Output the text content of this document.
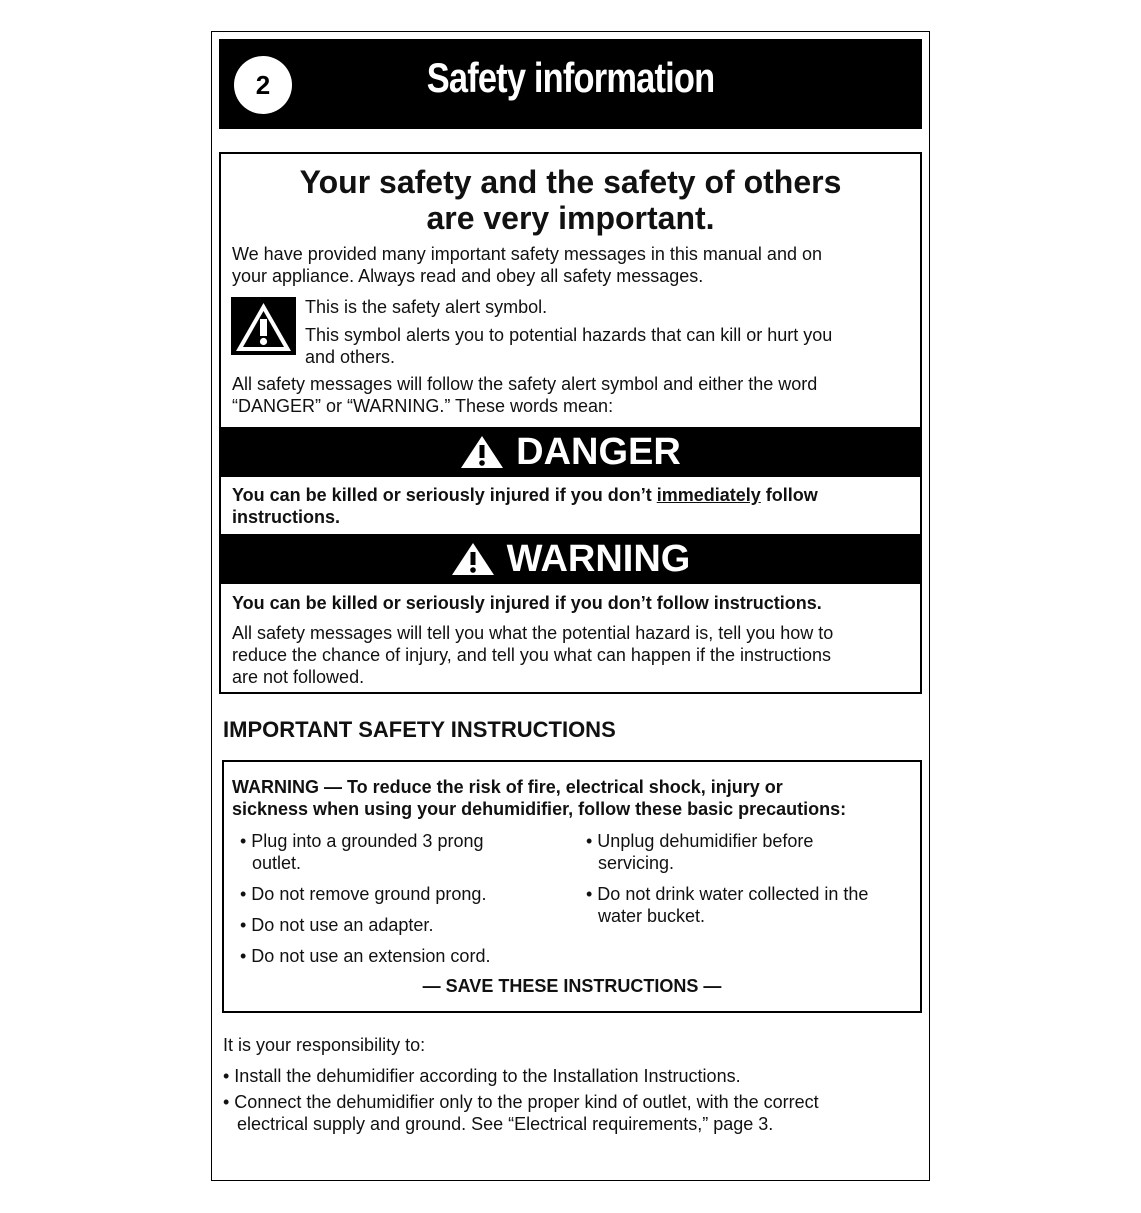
2	Safety information
Your safety and the safety of others
are very important.
We have provided many important safety messages in this manual and on
your appliance. Always read and obey all safety messages.
This is the safety alert symbol.
This symbol alerts you to potential hazards that can kill or hurt you
and others.
All safety messages will follow the safety alert symbol and either the word
“DANGER” or “WARNING.” These words mean:
DANGER
You can be killed or seriously injured if you don’t immediately follow
instructions.
WARNING
You can be killed or seriously injured if you don’t follow instructions.
All safety messages will tell you what the potential hazard is, tell you how to
reduce the chance of injury, and tell you what can happen if the instructions
are not followed.
IMPORTANT SAFETY INSTRUCTIONS
WARNING — To reduce the risk of fire, electrical shock, injury or
sickness when using your dehumidifier, follow these basic precautions:
• Plug into a grounded 3 prong
outlet.
• Do not remove ground prong.
• Do not use an adapter.
• Do not use an extension cord.
• Unplug dehumidifier before
servicing.
• Do not drink water collected in the
water bucket.
— SAVE THESE INSTRUCTIONS —
It is your responsibility to:
• Install the dehumidifier according to the Installation Instructions.
• Connect the dehumidifier only to the proper kind of outlet, with the correct
electrical supply and ground. See “Electrical requirements,” page 3.
